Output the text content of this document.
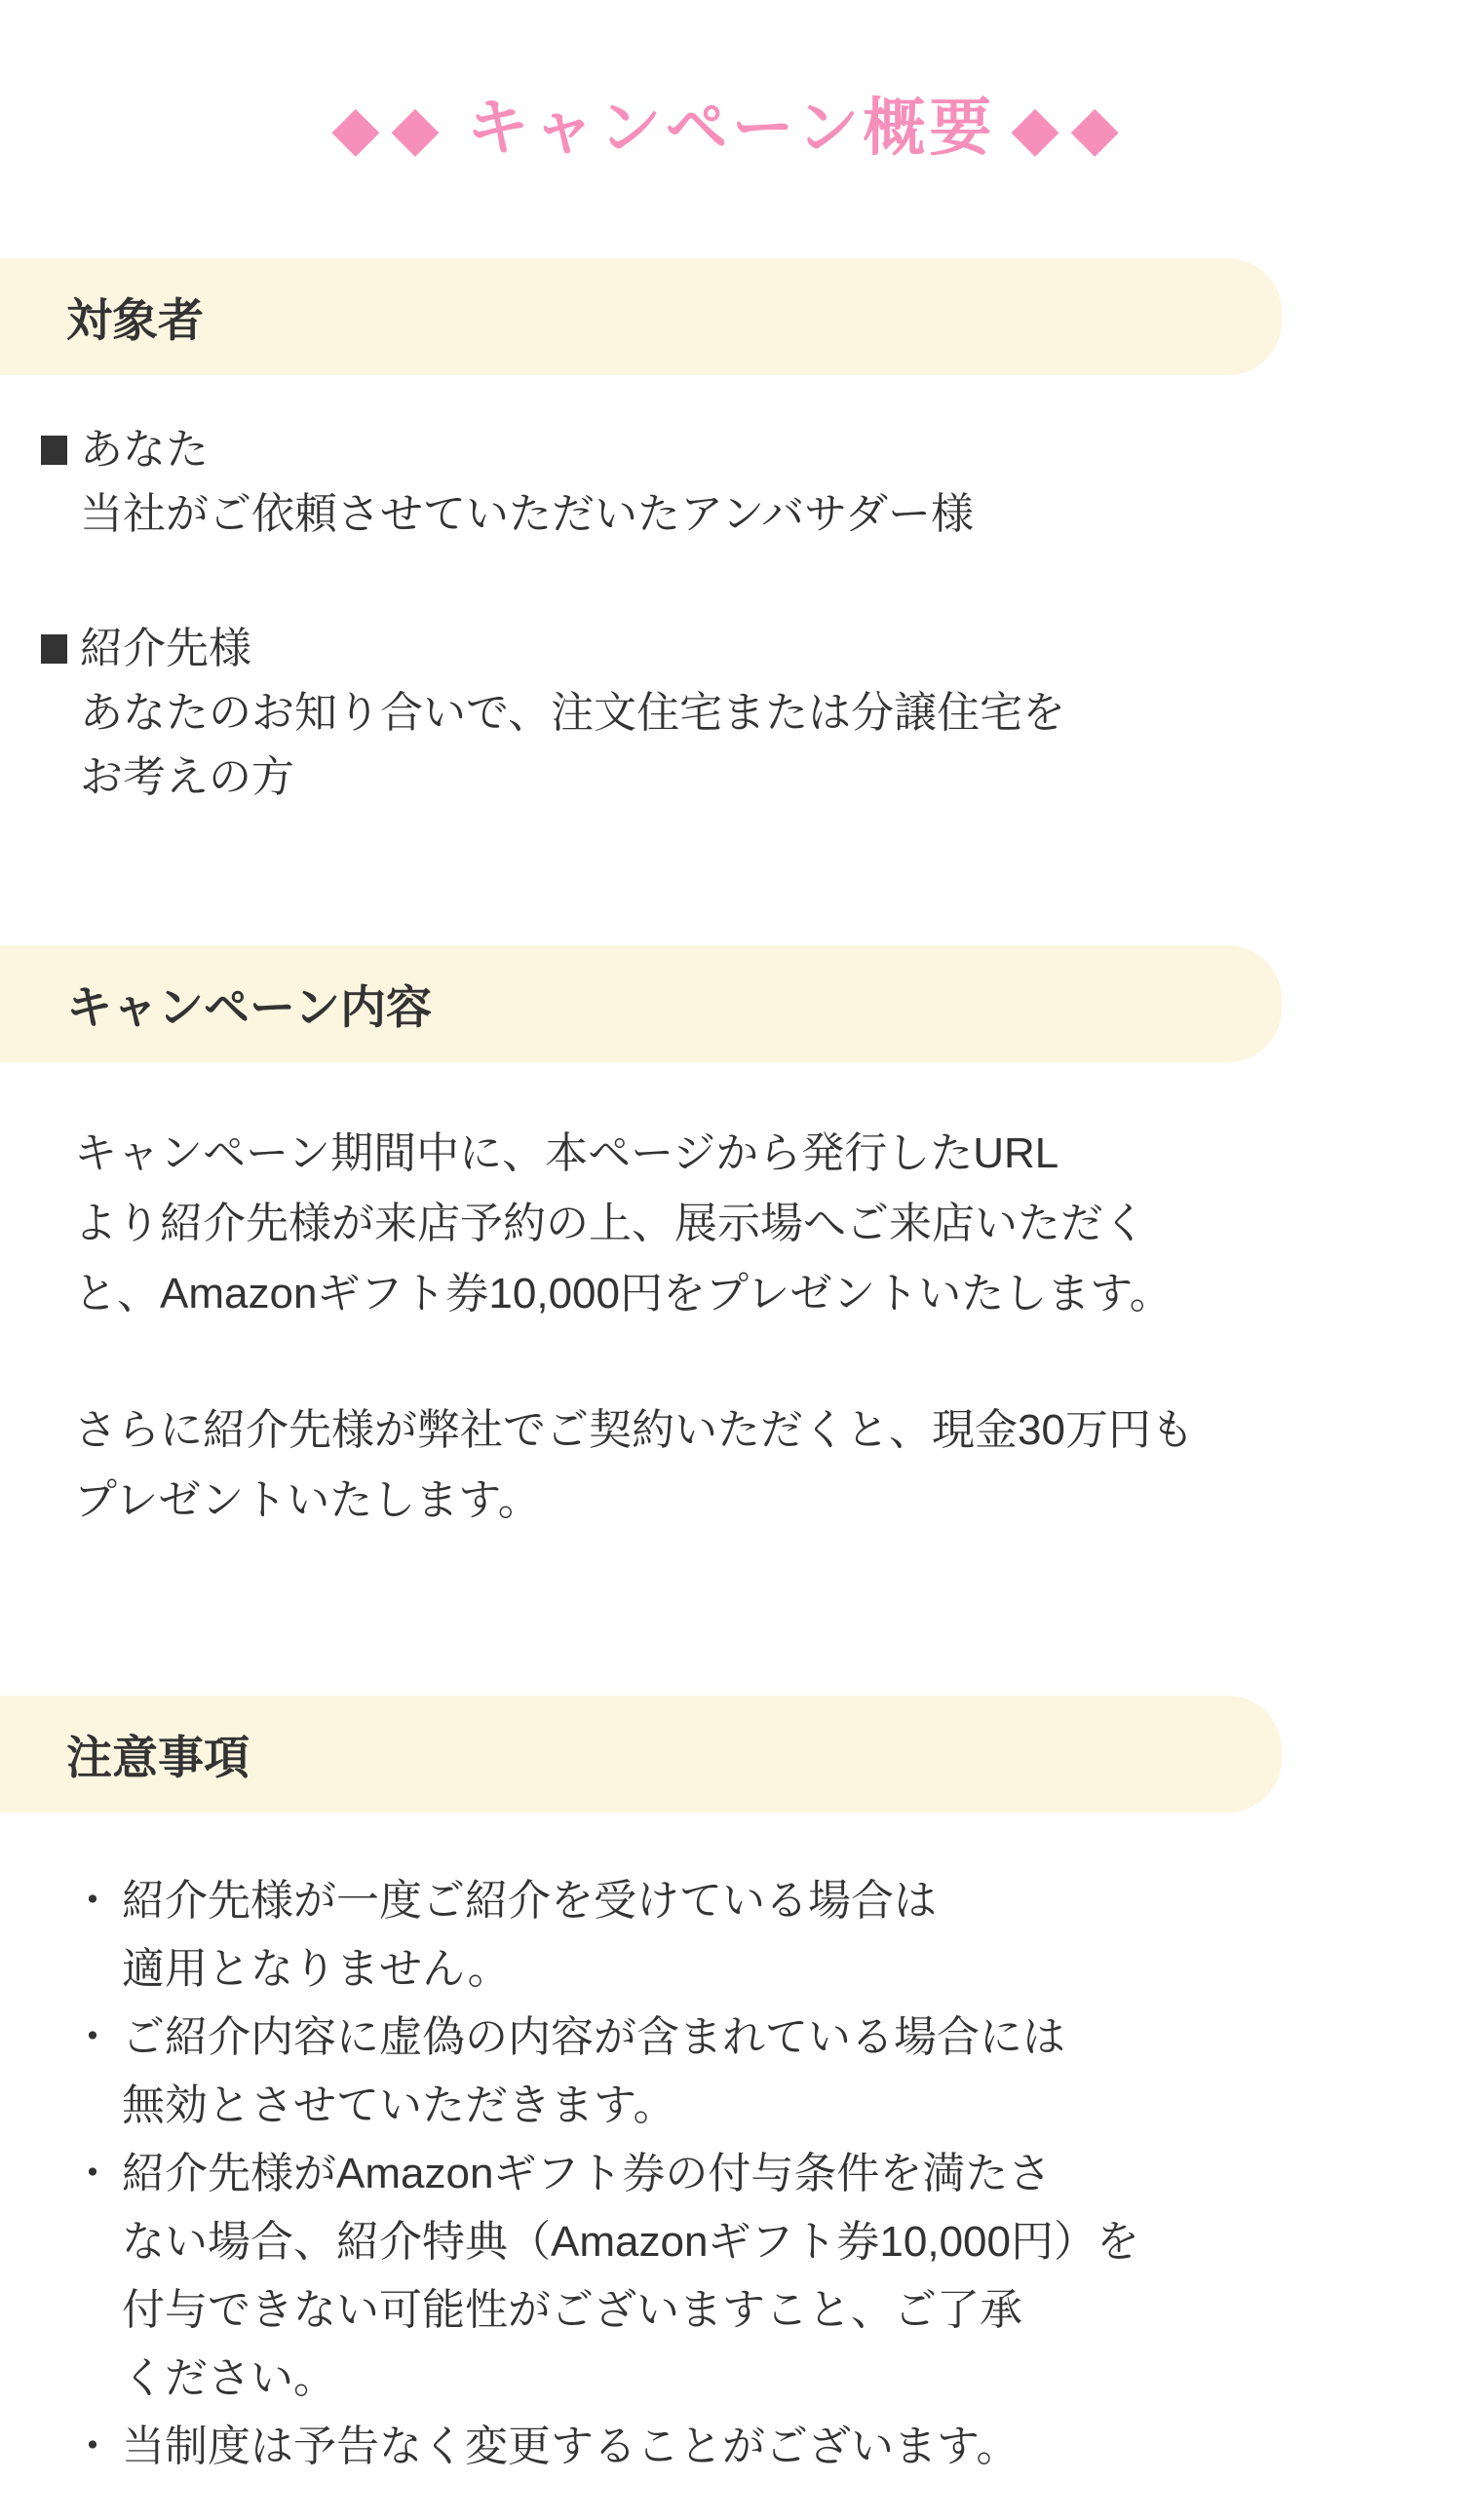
◆◆ キャンペーン概要 ◆◆
対象者
あなた
当社がご依頼させていただいたアンバサダー様
紹介先様
あなたのお知り合いで、注文住宅または分譲住宅を
お考えの方
キャンペーン内容
キャンペーン期間中に、本ページから発行したURL
より紹介先様が来店予約の上、展示場へご来店いただく
と、Amazonギフト券10,000円をプレゼントいたします。
さらに紹介先様が弊社でご契約いただくと、現金30万円も
プレゼントいたします。
注意事項
・ 紹介先様が一度ご紹介を受けている場合は
適用となりません。
・ ご紹介内容に虚偽の内容が含まれている場合には
無効とさせていただきます。
・ 紹介先様がAmazonギフト券の付与条件を満たさ
ない場合、紹介特典（Amazonギフト券10,000円）を
付与できない可能性がございますこと、ご了承
ください。
・ 当制度は予告なく変更することがございます。
